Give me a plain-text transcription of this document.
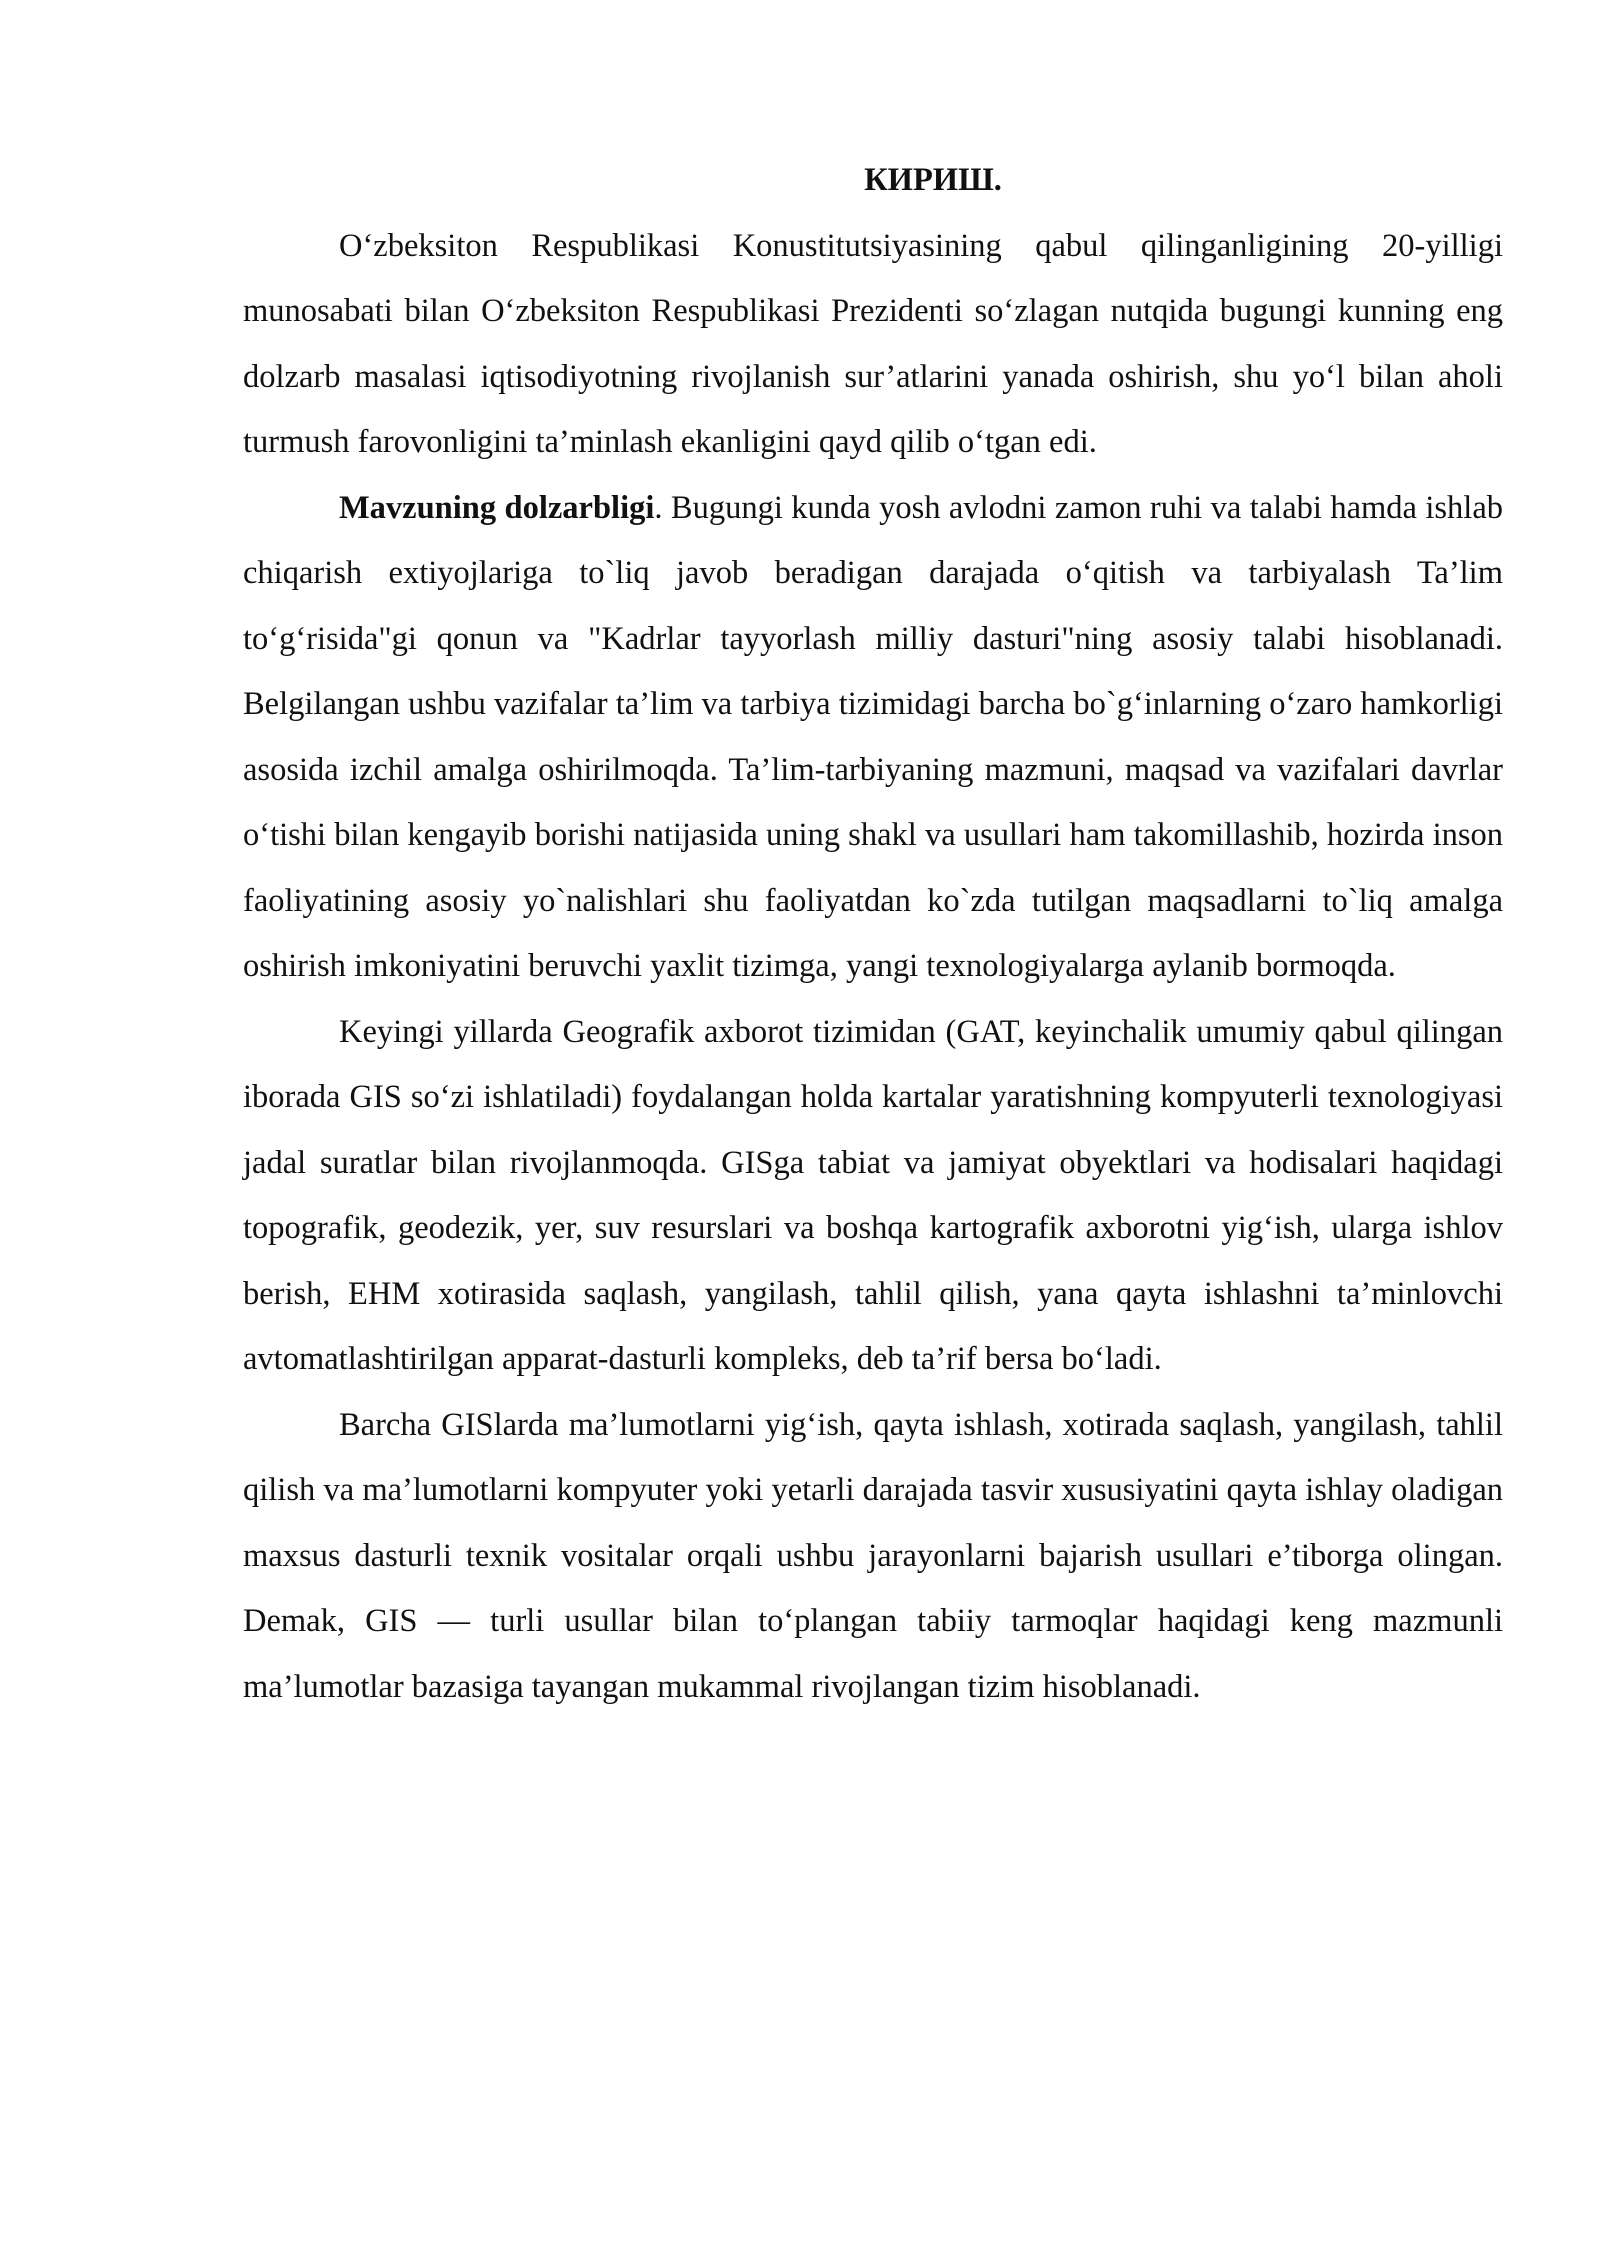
КИРИШ.

O‘zbeksiton Respublikasi Konustitutsiyasining qabul qilinganligining 20-yilligi munosabati bilan O‘zbeksiton Respublikasi Prezidenti so‘zlagan nutqida bugungi kunning eng dolzarb masalasi iqtisodiyotning rivojlanish sur’atlarini yanada oshirish, shu yo‘l bilan aholi turmush farovonligini ta’minlash ekanligini qayd qilib o‘tgan edi.

Mavzuning dolzarbligi. Bugungi kunda yosh avlodni zamon ruhi va talabi hamda ishlab chiqarish extiyojlariga to`liq javob beradigan darajada o‘qitish va tarbiyalash Ta’lim to‘g‘risida"gi qonun va "Kadrlar tayyorlash milliy dasturi"ning asosiy talabi hisoblanadi. Belgilangan ushbu vazifalar ta’lim va tarbiya tizimidagi barcha bo`g‘inlarning o‘zaro hamkorligi asosida izchil amalga oshirilmoqda. Ta’lim-tarbiyaning mazmuni, maqsad va vazifalari davrlar o‘tishi bilan kengayib borishi natijasida uning shakl va usullari ham takomillashib, hozirda inson faoliyatining asosiy yo`nalishlari shu faoliyatdan ko`zda tutilgan maqsadlarni to`liq amalga oshirish imkoniyatini beruvchi yaxlit tizimga, yangi texnologiyalarga aylanib bormoqda.

Keyingi yillarda Geografik axborot tizimidan (GAT, keyinchalik umumiy qabul qilingan iborada GIS so‘zi ishlatiladi) foydalangan holda kartalar yaratishning kompyuterli texnologiyasi jadal suratlar bilan rivojlanmoqda. GISga tabiat va jamiyat obyektlari va hodisalari haqidagi topografik, geodezik, yer, suv resurslari va boshqa kartografik axborotni yig‘ish, ularga ishlov berish, EHM xotirasida saqlash, yangilash, tahlil qilish, yana qayta ishlashni ta’minlovchi avtomatlashtirilgan apparat-dasturli kompleks, deb ta’rif bersa bo‘ladi.

Barcha GISlarda ma’lumotlarni yig‘ish, qayta ishlash, xotirada saqlash, yangilash, tahlil qilish va ma’lumotlarni kompyuter yoki yetarli darajada tasvir xususiyatini qayta ishlay oladigan maxsus dasturli texnik vositalar orqali ushbu jarayonlarni bajarish usullari e’tiborga olingan. Demak, GIS — turli usullar bilan to‘plangan tabiiy tarmoqlar haqidagi keng mazmunli ma’lumotlar bazasiga tayangan mukammal rivojlangan tizim hisoblanadi.
